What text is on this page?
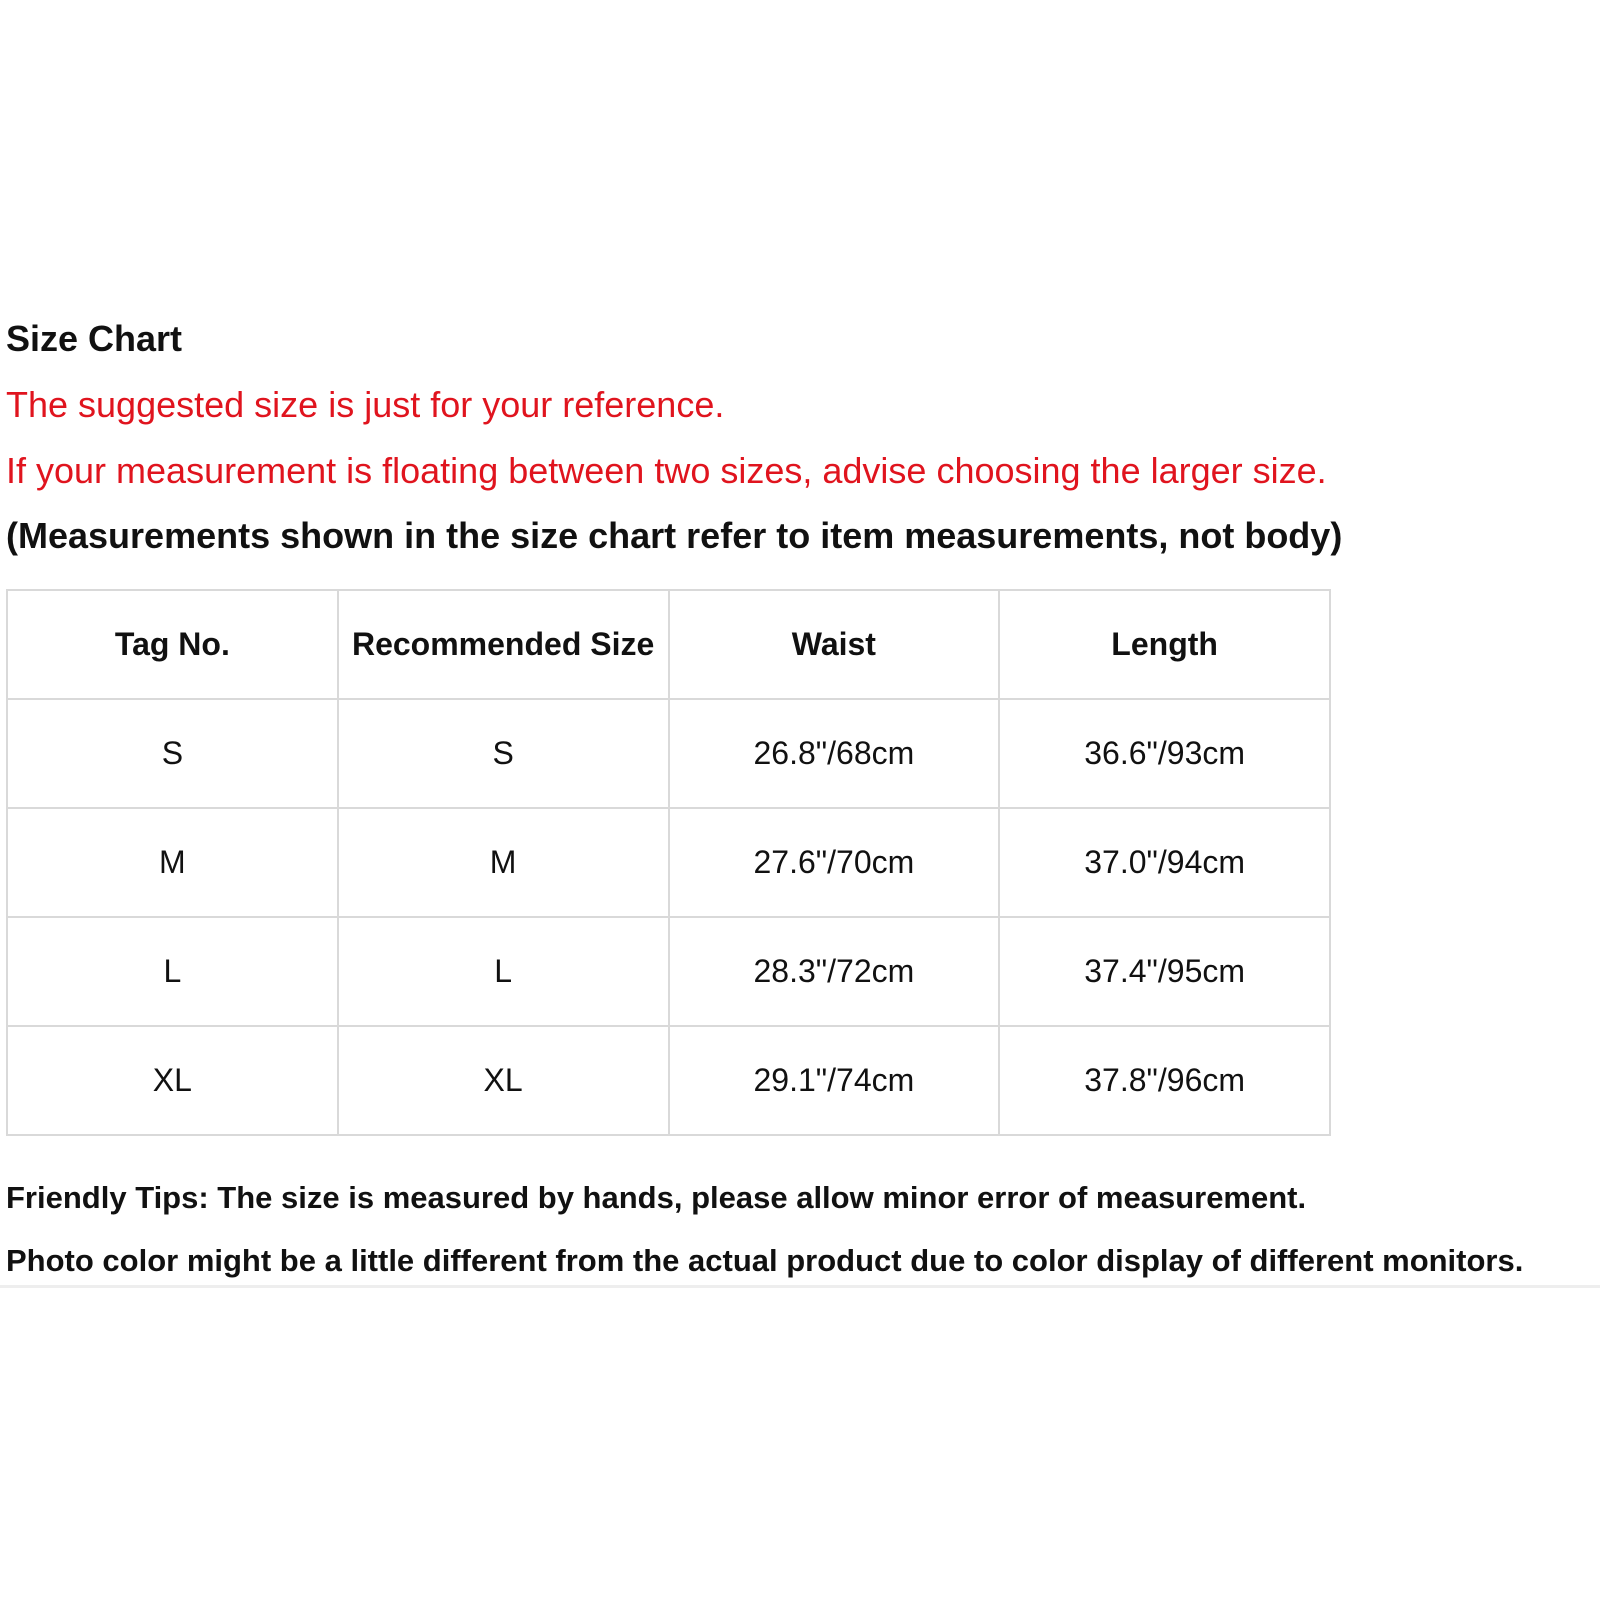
Size Chart

The suggested size is just for your reference.

If your measurement is floating between two sizes, advise choosing the larger size.

(Measurements shown in the size chart refer to item measurements, not body)

Tag No.	Recommended Size	Waist	Length
S	S	26.8"/68cm	36.6"/93cm
M	M	27.6"/70cm	37.0"/94cm
L	L	28.3"/72cm	37.4"/95cm
XL	XL	29.1"/74cm	37.8"/96cm

Friendly Tips: The size is measured by hands, please allow minor error of measurement.

Photo color might be a little different from the actual product due to color display of different monitors.
